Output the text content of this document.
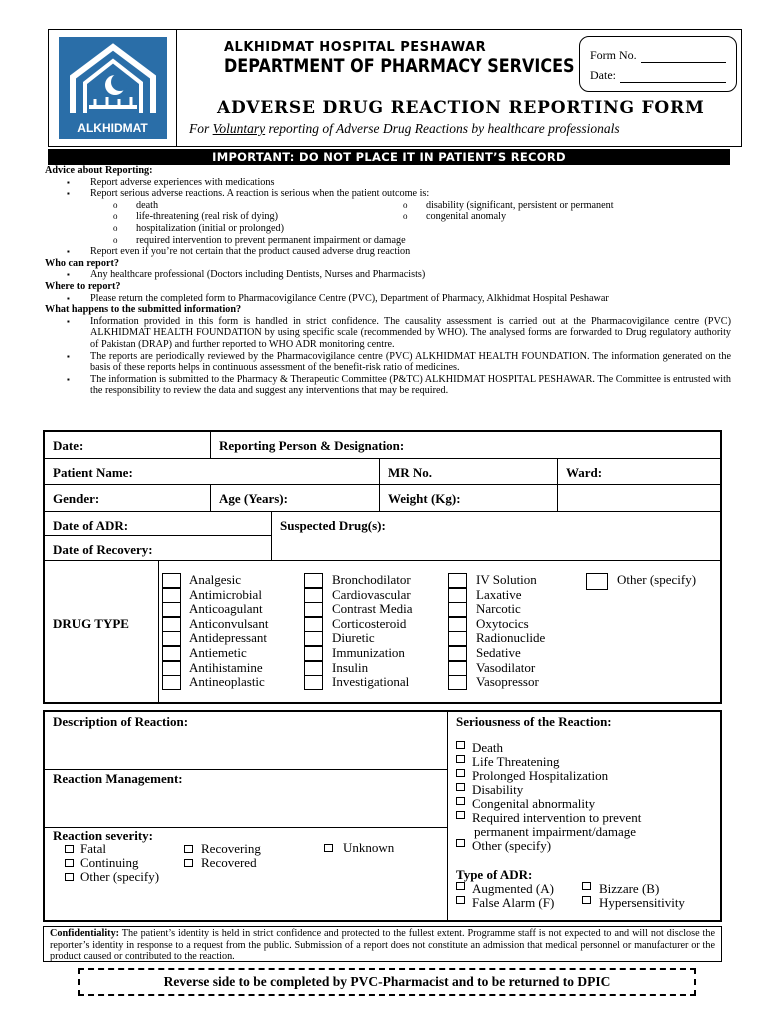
ALKHIDMAT
ALKHIDMAT HOSPITAL PESHAWAR
DEPARTMENT OF PHARMACY SERVICES Form No.
Date:
ADVERSE DRUG REACTION REPORTING FORM
For Voluntary reporting of Adverse Drug Reactions by healthcare professionals
IMPORTANT: DO NOT PLACE IT IN PATIENT’S RECORD
Advice about Reporting:
▪ Report adverse experiences with medications
▪ Report serious adverse reactions. A reaction is serious when the patient outcome is:
o death
o life-threatening (real risk of dying)
o hospitalization (initial or prolonged)
o required intervention to prevent permanent impairment or damage
o disability (significant, persistent or permanent
o congenital anomaly
▪ Report even if you’re not certain that the product caused adverse drug reaction
Who can report?
▪ Any healthcare professional (Doctors including Dentists, Nurses and Pharmacists)
Where to report?
▪ Please return the completed form to Pharmacovigilance Centre (PVC), Department of Pharmacy, Alkhidmat Hospital Peshawar
What happens to the submitted information?
▪ Information provided in this form is handled in strict confidence. The causality assessment is carried out at the Pharmacovigilance centre (PVC) ALKHIDMAT HEALTH FOUNDATION by using specific scale (recommended by WHO). The analysed forms are forwarded to Drug regulatory authority of Pakistan (DRAP) and further reported to WHO ADR monitoring centre.
▪ The reports are periodically reviewed by the Pharmacovigilance centre (PVC) ALKHIDMAT HEALTH FOUNDATION. The information generated on the basis of these reports helps in continuous assessment of the benefit-risk ratio of medicines.
▪ The information is submitted to the Pharmacy & Therapeutic Committee (P&TC) ALKHIDMAT HOSPITAL PESHAWAR. The Committee is entrusted with the responsibility to review the data and suggest any interventions that may be required.
Date:	Reporting Person & Designation:
Patient Name:	MR No.	Ward:
Gender:	Age (Years):	Weight (Kg):
Date of ADR:
Date of Recovery:
Suspected Drug(s):
DRUG TYPE
Analgesic
Antimicrobial
Anticoagulant
Anticonvulsant
Antidepressant
Antiemetic
Antihistamine
Antineoplastic
Bronchodilator
Cardiovascular
Contrast Media
Corticosteroid
Diuretic
Immunization
Insulin
Investigational
IV Solution
Laxative
Narcotic
Oxytocics
Radionuclide
Sedative
Vasodilator
Vasopressor
Other (specify)
Description of Reaction:
Reaction Management:
Reaction severity:
Fatal
Continuing
Other (specify)
Recovering
Recovered
Unknown
Seriousness of the Reaction:
Death
Life Threatening
Prolonged Hospitalization
Disability
Congenital abnormality
Required intervention to prevent
permanent impairment/damage
Other (specify)
Type of ADR:
Augmented (A)
False Alarm (F)
Bizzare (B)
Hypersensitivity
Confidentiality: The patient’s identity is held in strict confidence and protected to the fullest extent. Programme staff is not expected to and will not disclose the reporter’s identity in response to a request from the public. Submission of a report does not constitute an admission that medical personnel or manufacturer or the product caused or contributed to the reaction.
Reverse side to be completed by PVC-Pharmacist and to be returned to DPIC
